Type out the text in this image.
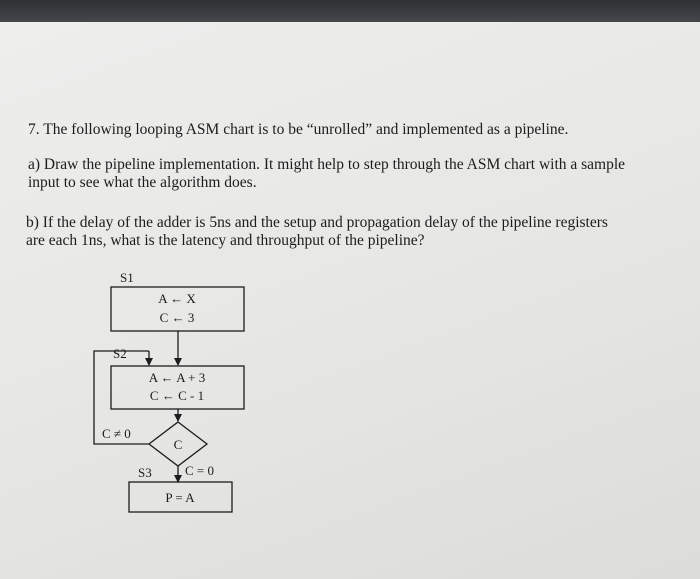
7. The following looping ASM chart is to be “unrolled” and implemented as a pipeline.

a) Draw the pipeline implementation. It might help to step through the ASM chart with a sample

input to see what the algorithm does.

b) If the delay of the adder is 5ns and the setup and propagation delay of the pipeline registers

are each 1ns, what is the latency and throughput of the pipeline?

S1
A ← X
C ← 3
S2
A ← A + 3
C ← C - 1
C
C ≠ 0
C = 0
S3
P = A
